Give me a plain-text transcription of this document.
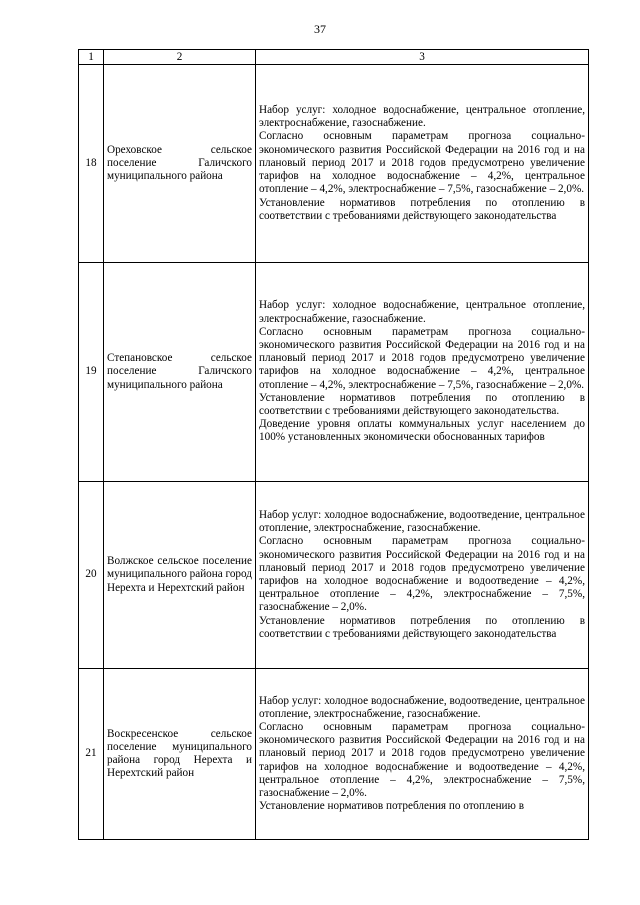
37
1	2	3
18	Ореховское сельское поселение Галичского муниципального района	Набор услуг: холодное водоснабжение, центральное отопление, электроснабжение, газоснабжение.

Согласно основным параметрам прогноза социально-экономического развития Российской Федерации на 2016 год и на плановый период 2017 и 2018 годов предусмотрено увеличение тарифов на холодное водоснабжение – 4,2%, центральное отопление – 4,2%, электроснабжение – 7,5%, газоснабжение – 2,0%.

Установление нормативов потребления по отоплению в соответствии с требованиями действующего законодательства

19	Степановское сельское поселение Галичского муниципального района	Набор услуг: холодное водоснабжение, центральное отопление, электроснабжение, газоснабжение.

Согласно основным параметрам прогноза социально-экономического развития Российской Федерации на 2016 год и на плановый период 2017 и 2018 годов предусмотрено увеличение тарифов на холодное водоснабжение – 4,2%, центральное отопление – 4,2%, электроснабжение – 7,5%, газоснабжение – 2,0%.

Установление нормативов потребления по отоплению в соответствии с требованиями действующего законодательства.

Доведение уровня оплаты коммунальных услуг населением до 100% установленных экономически обоснованных тарифов

20	Волжское сельское поселение муниципального района город Нерехта и Нерехтский район	Набор услуг: холодное водоснабжение, водоотведение, центральное отопление, электроснабжение, газоснабжение.

Согласно основным параметрам прогноза социально-экономического развития Российской Федерации на 2016 год и на плановый период 2017 и 2018 годов предусмотрено увеличение тарифов на холодное водоснабжение и водоотведение – 4,2%, центральное отопление – 4,2%, электроснабжение – 7,5%, газоснабжение – 2,0%.

Установление нормативов потребления по отоплению в соответствии с требованиями действующего законодательства

21	Воскресенское сельское поселение муниципального района город Нерехта и Нерехтский район	Набор услуг: холодное водоснабжение, водоотведение, центральное отопление, электроснабжение, газоснабжение.

Согласно основным параметрам прогноза социально-экономического развития Российской Федерации на 2016 год и на плановый период 2017 и 2018 годов предусмотрено увеличение тарифов на холодное водоснабжение и водоотведение – 4,2%, центральное отопление – 4,2%, электроснабжение – 7,5%, газоснабжение – 2,0%.

Установление нормативов потребления по отоплению в
